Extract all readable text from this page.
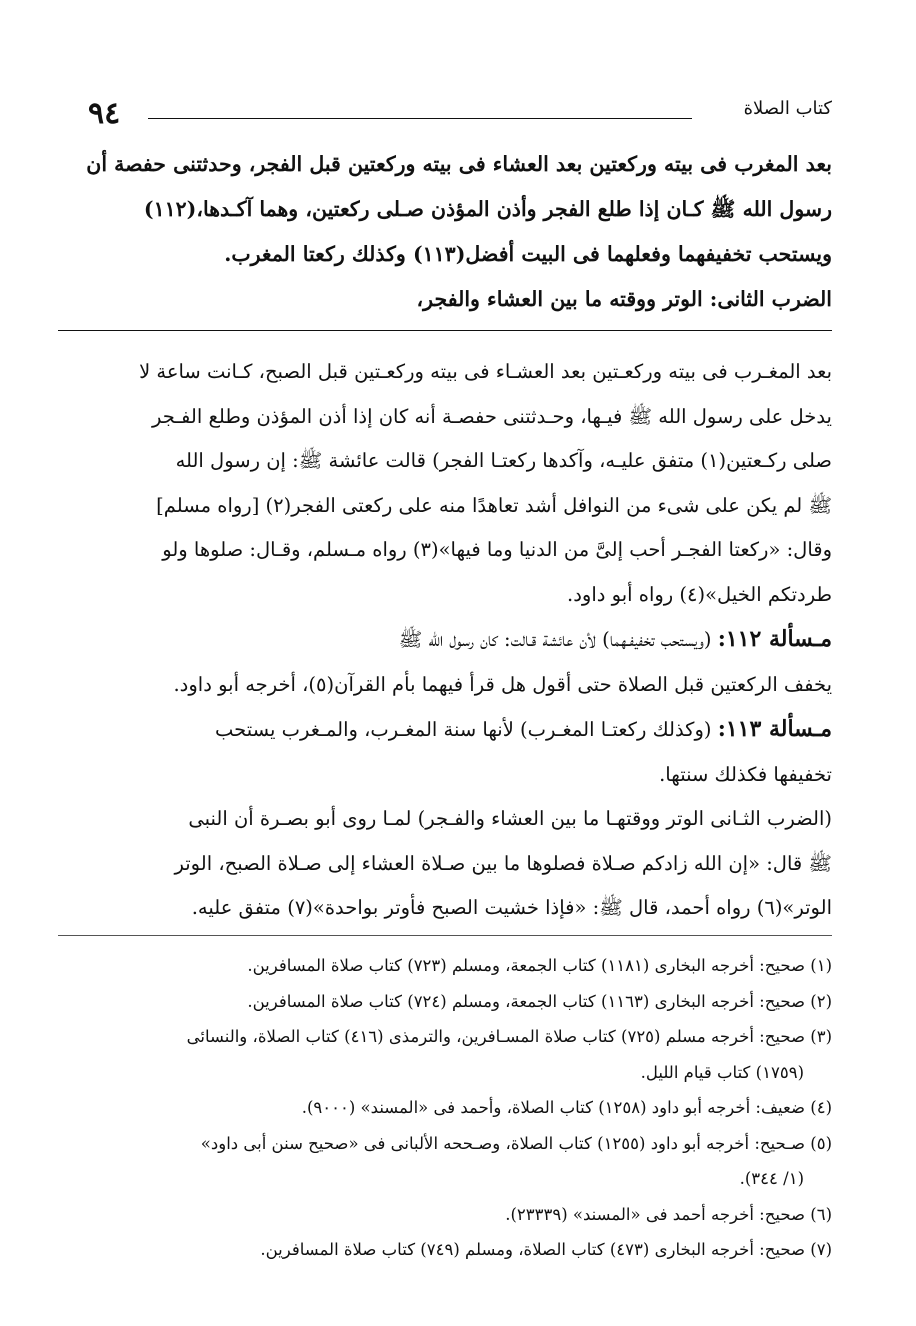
٩٤	كتاب الصلاة
بعد المغرب فى بيته وركعتين بعد العشاء فى بيته وركعتين قبل الفجر، وحدثتنى حفصة أن
رسول الله ﷺ كـان إذا طلع الفجر وأذن المؤذن صـلى ركعتين، وهما آكـدها،(١١٢)
ويستحب تخفيفهما وفعلهما فى البيت أفضل(١١٣) وكذلك ركعتا المغرب.
الضرب الثانى: الوتر ووقته ما بين العشاء والفجر،
بعد المغـرب فى بيته وركعـتين بعد العشـاء فى بيته وركعـتين قبل الصبح، كـانت ساعة لا
يدخل على رسول الله ﷺ فيـها، وحـدثتنى حفصـة أنه كان إذا أذن المؤذن وطلع الفـجر
صلى ركـعتين(١) متفق عليـه، وآكدها ركعتـا الفجر) قالت عائشة ﷺ: إن رسول الله
ﷺ لم يكن على شىء من النوافل أشد تعاهدًا منه على ركعتى الفجر(٢) [رواه مسلم]
وقال: «ركعتا الفجـر أحب إلىَّ من الدنيا وما فيها»(٣) رواه مـسلم، وقـال: صلوها ولو
طردتكم الخيل»(٤) رواه أبو داود.
مـسألة ١١٢: (ويستحب تخفيفـهما) لأن عائشة قـالت: كان رسول الله ﷺ
يخفف الركعتين قبل الصلاة حتى أقول هل قرأ فيهما بأم القرآن(٥)، أخرجه أبو داود.
مـسألة ١١٣: (وكذلك ركعتـا المغـرب) لأنها سنة المغـرب، والمـغرب يستحب
تخفيفها فكذلك سنتها.
(الضرب الثـانى الوتر ووقتهـا ما بين العشاء والفـجر) لمـا روى أبو بصـرة أن النبى
ﷺ قال: «إن الله زادكم صـلاة فصلوها ما بين صـلاة العشاء إلى صـلاة الصبح، الوتر
الوتر»(٦) رواه أحمد، قال ﷺ: «فإذا خشيت الصبح فأوتر بواحدة»(٧) متفق عليه.
(١) صحيح: أخرجه البخارى (١١٨١) كتاب الجمعة، ومسلم (٧٢٣) كتاب صلاة المسافرين.
(٢) صحيح: أخرجه البخارى (١١٦٣) كتاب الجمعة، ومسلم (٧٢٤) كتاب صلاة المسافرين.
(٣) صحيح: أخرجه مسلم (٧٢٥) كتاب صلاة المسـافرين، والترمذى (٤١٦) كتاب الصلاة، والنسائى
(١٧٥٩) كتاب قيام الليل.
(٤) ضعيف: أخرجه أبو داود (١٢٥٨) كتاب الصلاة، وأحمد فى «المسند» (٩٠٠٠).
(٥) صـحيح: أخرجه أبو داود (١٢٥٥) كتاب الصلاة، وصـححه الألبانى فى «صحيح سنن أبى داود»
(١/ ٣٤٤).
(٦) صحيح: أخرجه أحمد فى «المسند» (٢٣٣٣٩).
(٧) صحيح: أخرجه البخارى (٤٧٣) كتاب الصلاة، ومسلم (٧٤٩) كتاب صلاة المسافرين.
